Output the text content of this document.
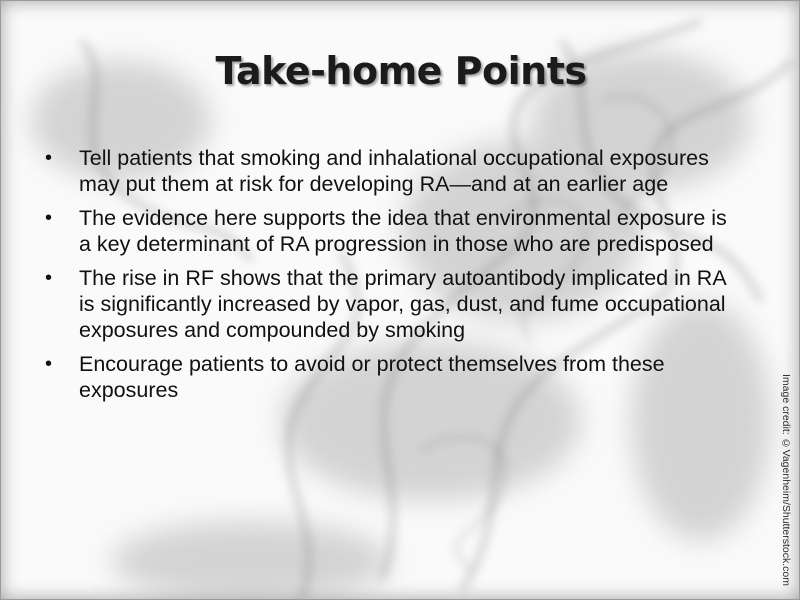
Take-home Points
• Tell patients that smoking and inhalational occupational exposures may put them at risk for developing RA—and at an earlier age
• The evidence here supports the idea that environmental exposure is a key determinant of RA progression in those who are predisposed
• The rise in RF shows that the primary autoantibody implicated in RA is significantly increased by vapor, gas, dust, and fume occupational exposures and compounded by smoking
• Encourage patients to avoid or protect themselves from these exposures	Image credit: ©Vagenheim/Shutterstock.com
